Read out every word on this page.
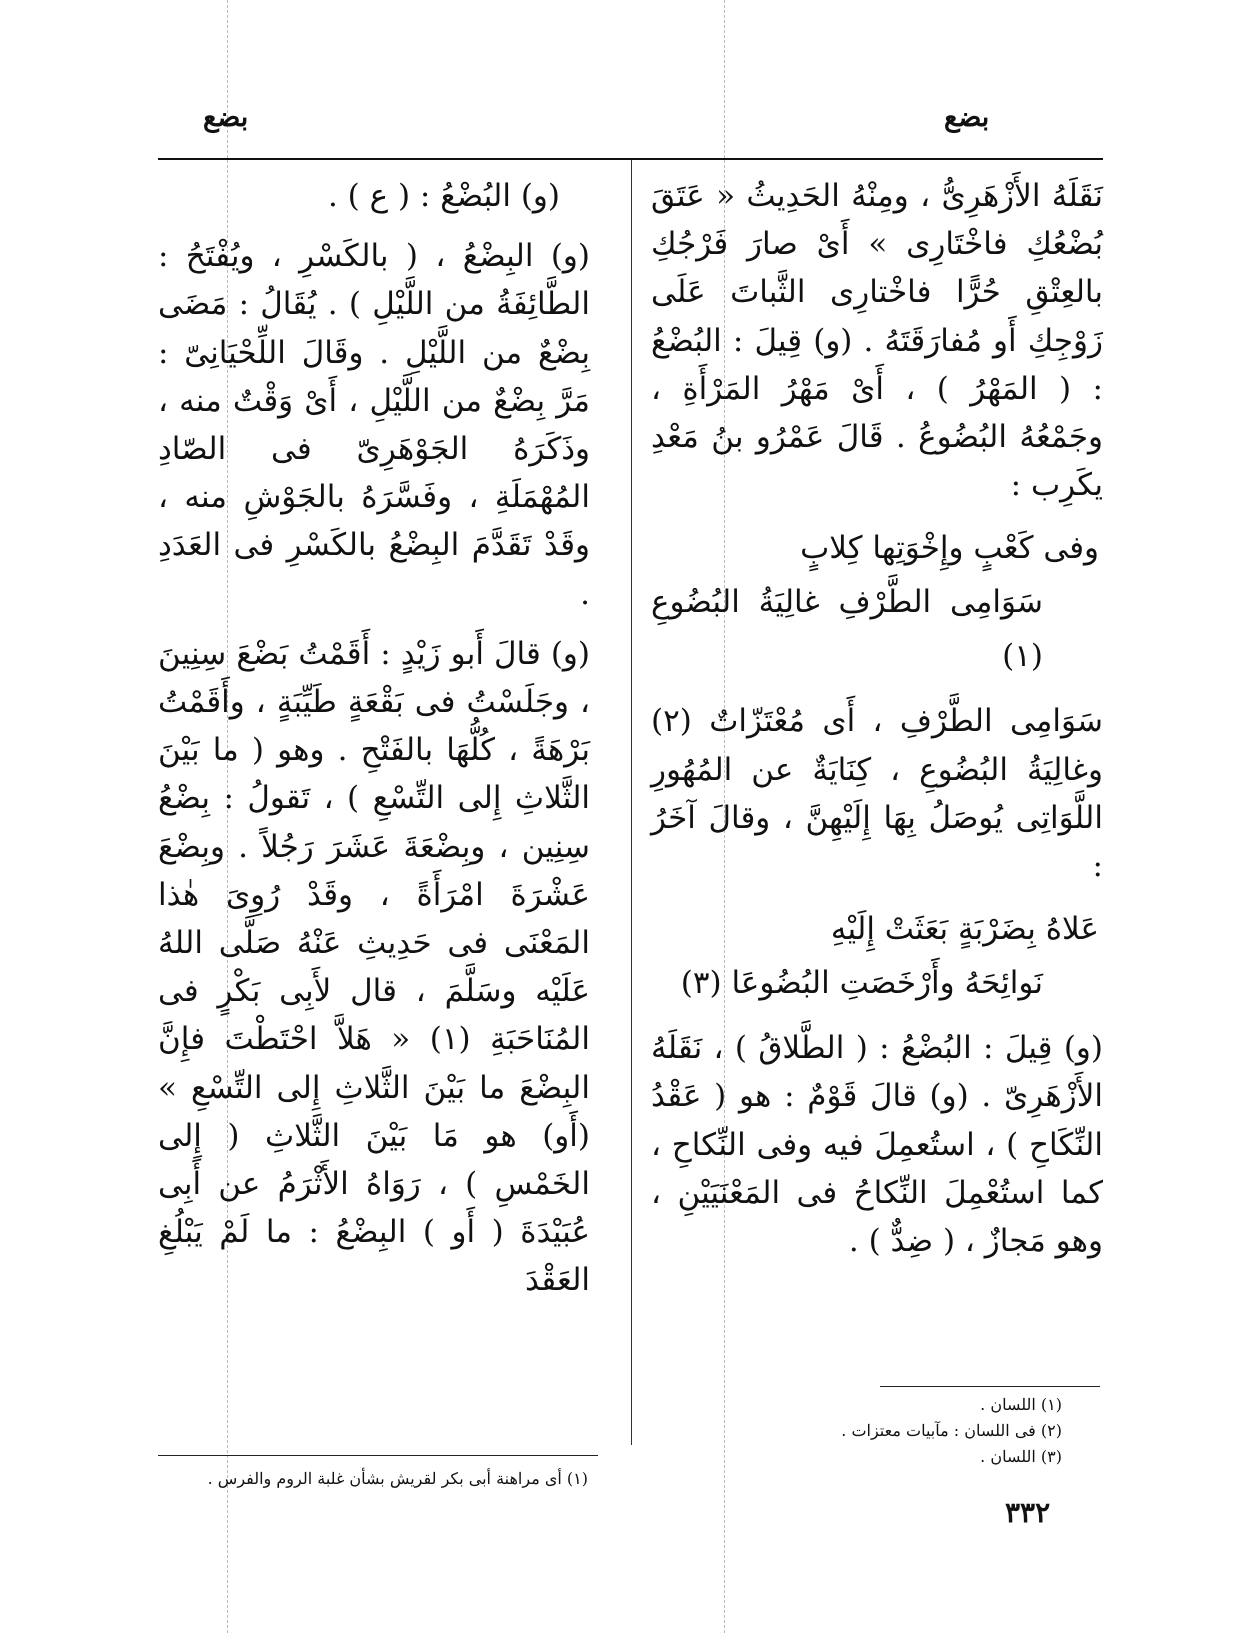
بضع
بضع

نَقَلَهُ الأَزْهَرِىُّ ، ومِنْهُ الحَدِيثُ « عَتَقَ بُضْعُكِ فاخْتَارِى » أَىْ صارَ فَرْجُكِ بالعِتْقِ حُرًّا فاخْتارِى الثَّباتَ عَلَى زَوْجِكِ أَو مُفارَقَتَهُ . (و) قِيلَ : البُضْعُ : ( المَهْرُ ) ، أَىْ مَهْرُ المَرْأَةِ ، وجَمْعُهُ البُضُوعُ . قَالَ عَمْرُو بنُ مَعْدِ يكَرِب :

وفى كَعْبٍ وإِخْوَتِها كِلابٍ
سَوَامِى الطَّرْفِ غالِيَةُ البُضُوعِ (١)

سَوَامِى الطَّرْفِ ، أَى مُعْتَزّاتٌ (٢) وغالِيَةُ البُضُوعِ ، كِنَايَةٌ عن المُهُورِ اللَّوَاتِى يُوصَلُ بِهَا إِلَيْهِنَّ ، وقالَ آخَرُ :

عَلاهُ بِضَرْبَةٍ بَعَثَتْ إِلَيْهِ
نَوائِحَهُ وأَرْخَصَتِ البُضُوعَا (٣)

(و) قِيلَ : البُضْعُ : ( الطَّلاقُ ) ، نَقَلَهُ الأَزْهَرِىّ . (و) قالَ قَوْمٌ : هو ( عَقْدُ النِّكَاحِ ) ، استُعمِلَ فيه وفى النِّكاحِ ، كما استُعْمِلَ النِّكاحُ فى المَعْنَيَيْنِ ، وهو مَجازٌ ، ( ضِدٌّ ) .

(و) البُضْعُ : ( ع ) .

(و) البِضْعُ ، ( بالكَسْرِ ، ويُفْتَحُ : الطَّائِفَةُ من اللَّيْلِ ) . يُقَالُ : مَضَى بِضْعٌ من اللَّيْلِ . وقَالَ اللِّحْيَانِىّ : مَرَّ بِضْعٌ من اللَّيْلِ ، أَىْ وَقْتٌ منه ، وذَكَرَهُ الجَوْهَرِىّ فى الصّادِ المُهْمَلَةِ ، وفَسَّرَهُ بالجَوْشِ منه ، وقَدْ تَقَدَّمَ البِضْعُ بالكَسْرِ فى العَدَدِ .

(و) قالَ أَبو زَيْدٍ : أَقَمْتُ بَضْعَ سِنِينَ ، وجَلَسْتُ فى بَقْعَةٍ طَيِّبَةٍ ، وأَقَمْتُ بَرْهَةً ، كُلُّهَا بالفَتْحِ . وهو ( ما بَيْنَ الثَّلاثِ إِلى التِّسْعِ ) ، تَقولُ : بِضْعُ سِنِين ، وبِضْعَةَ عَشَرَ رَجُلاً . وبِضْعَ عَشْرَةَ امْرَأَةً ، وقَدْ رُوِىَ هٰذا المَعْنَى فى حَدِيثِ عَنْهُ صَلَّى اللهُ عَلَيْه وسَلَّمَ ، قال لأَبِى بَكْرٍ فى المُنَاحَبَةِ (١) « هَلاَّ احْتَطْتَ فإِنَّ البِضْعَ ما بَيْنَ الثَّلاثِ إِلى التِّسْعِ » (أَو) هو مَا بَيْنَ الثَّلاثِ ( إِلى الخَمْسِ ) ، رَوَاهُ الأَثْرَمُ عن أَبِى عُبَيْدَةَ ( أَو ) البِضْعُ : ما لَمْ يَبْلُغِ العَقْدَ

(١) اللسان .
(٢) فى اللسان : مآبيات معتزات .
(٣) اللسان .
(١) أى مراهنة أبى بكر لقريش بشأن غلبة الروم والفرس .
٣٣٢
